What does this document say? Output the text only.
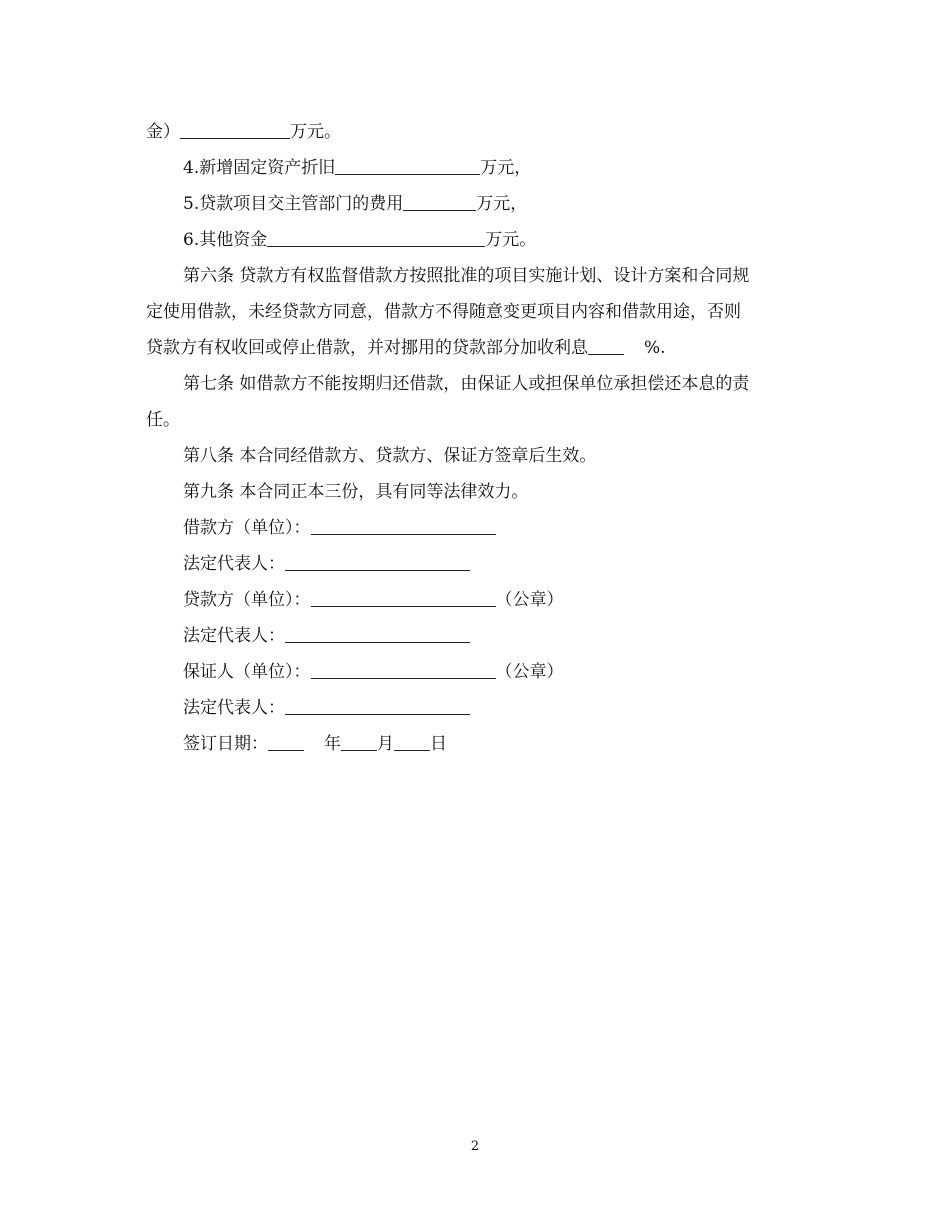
金）	万元。
4.新增固定资产折旧	万元，
5.贷款项目交主管部门的费用	万元，
6.其他资金	万元。
第六条 贷款方有权监督借款方按照批准的项目实施计划、设计方案和合同规
定使用借款，未经贷款方同意，借款方不得随意变更项目内容和借款用途，否则
贷款方有权收回或停止借款，并对挪用的贷款部分加收利息	%.
第七条 如借款方不能按期归还借款，由保证人或担保单位承担偿还本息的责
任。
第八条 本合同经借款方、贷款方、保证方签章后生效。
第九条 本合同正本三份，具有同等法律效力。
借款方（单位）：
法定代表人：
贷款方（单位）：	（公章）
法定代表人：
保证人（单位）：	（公章）
法定代表人：
签订日期：	年 月 日
2
